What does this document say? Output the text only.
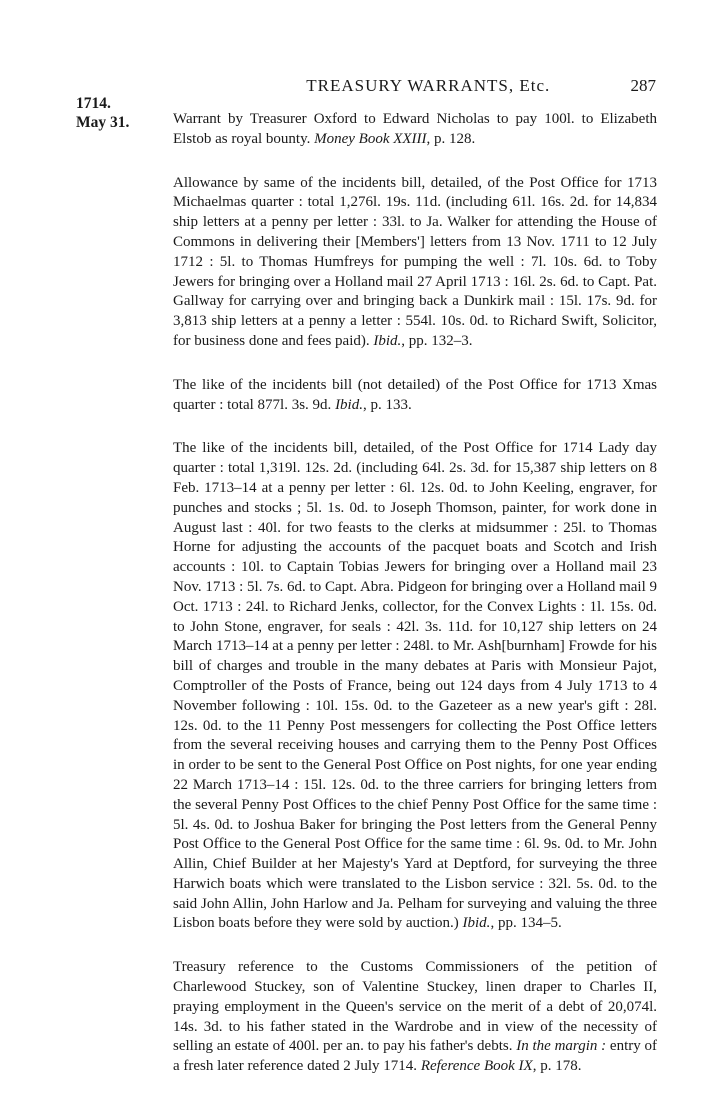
TREASURY WARRANTS, Etc.	287
1714.
May 31.	Warrant by Treasurer Oxford to Edward Nicholas to pay 100l. to Elizabeth Elstob as royal bounty. Money Book XXIII, p. 128.

Allowance by same of the incidents bill, detailed, of the Post Office for 1713 Michaelmas quarter : total 1,276l. 19s. 11d. (including 61l. 16s. 2d. for 14,834 ship letters at a penny per letter : 33l. to Ja. Walker for attending the House of Commons in delivering their [Members'] letters from 13 Nov. 1711 to 12 July 1712 : 5l. to Thomas Humfreys for pumping the well : 7l. 10s. 6d. to Toby Jewers for bringing over a Holland mail 27 April 1713 : 16l. 2s. 6d. to Capt. Pat. Gallway for carrying over and bringing back a Dunkirk mail : 15l. 17s. 9d. for 3,813 ship letters at a penny a letter : 554l. 10s. 0d. to Richard Swift, Solicitor, for business done and fees paid). Ibid., pp. 132–3.

The like of the incidents bill (not detailed) of the Post Office for 1713 Xmas quarter : total 877l. 3s. 9d. Ibid., p. 133.

The like of the incidents bill, detailed, of the Post Office for 1714 Lady day quarter : total 1,319l. 12s. 2d. (including 64l. 2s. 3d. for 15,387 ship letters on 8 Feb. 1713–14 at a penny per letter : 6l. 12s. 0d. to John Keeling, engraver, for punches and stocks ; 5l. 1s. 0d. to Joseph Thomson, painter, for work done in August last : 40l. for two feasts to the clerks at midsummer : 25l. to Thomas Horne for adjusting the accounts of the pacquet boats and Scotch and Irish accounts : 10l. to Captain Tobias Jewers for bringing over a Holland mail 23 Nov. 1713 : 5l. 7s. 6d. to Capt. Abra. Pidgeon for bringing over a Holland mail 9 Oct. 1713 : 24l. to Richard Jenks, collector, for the Convex Lights : 1l. 15s. 0d. to John Stone, engraver, for seals : 42l. 3s. 11d. for 10,127 ship letters on 24 March 1713–14 at a penny per letter : 248l. to Mr. Ash[burnham] Frowde for his bill of charges and trouble in the many debates at Paris with Monsieur Pajot, Comptroller of the Posts of France, being out 124 days from 4 July 1713 to 4 November following : 10l. 15s. 0d. to the Gazeteer as a new year's gift : 28l. 12s. 0d. to the 11 Penny Post messengers for collecting the Post Office letters from the several receiving houses and carrying them to the Penny Post Offices in order to be sent to the General Post Office on Post nights, for one year ending 22 March 1713–14 : 15l. 12s. 0d. to the three carriers for bringing letters from the several Penny Post Offices to the chief Penny Post Office for the same time : 5l. 4s. 0d. to Joshua Baker for bringing the Post letters from the General Penny Post Office to the General Post Office for the same time : 6l. 9s. 0d. to Mr. John Allin, Chief Builder at her Majesty's Yard at Deptford, for surveying the three Harwich boats which were translated to the Lisbon service : 32l. 5s. 0d. to the said John Allin, John Harlow and Ja. Pelham for surveying and valuing the three Lisbon boats before they were sold by auction.) Ibid., pp. 134–5.

Treasury reference to the Customs Commissioners of the petition of Charlewood Stuckey, son of Valentine Stuckey, linen draper to Charles II, praying employment in the Queen's service on the merit of a debt of 20,074l. 14s. 3d. to his father stated in the Wardrobe and in view of the necessity of selling an estate of 400l. per an. to pay his father's debts. In the margin : entry of a fresh later reference dated 2 July 1714. Reference Book IX, p. 178.
